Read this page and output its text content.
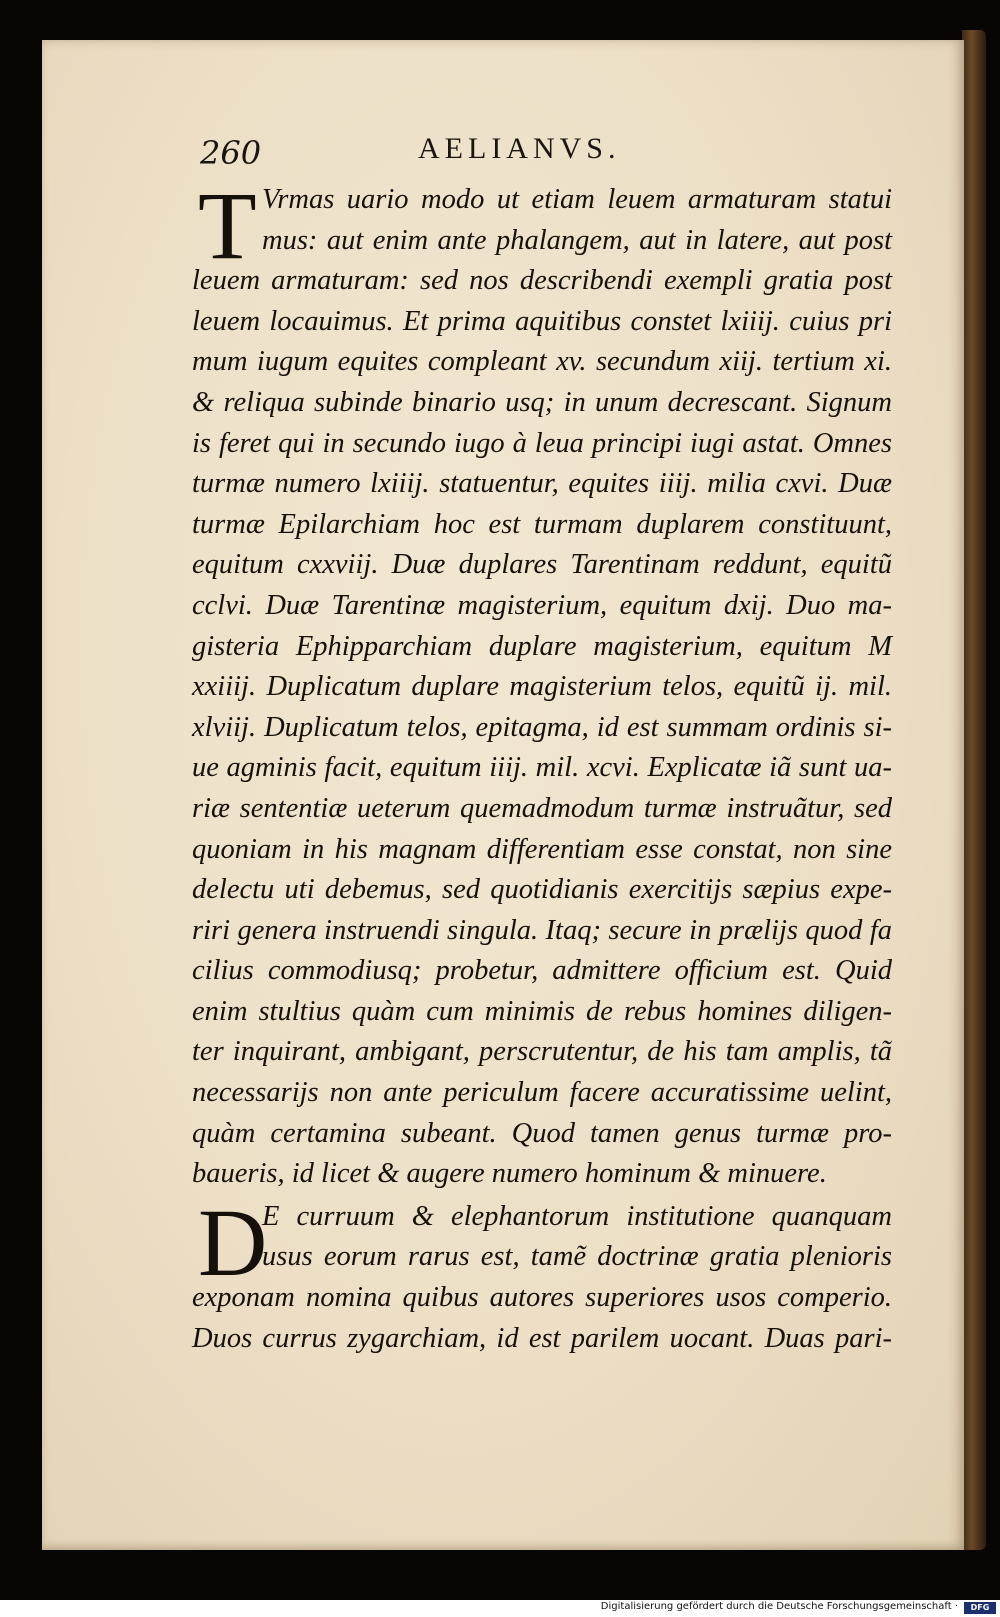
260	AELIANVS.
T Vrmas uario modo ut etiam leuem armaturam statui
mus: aut enim ante phalangem, aut in latere, aut post
leuem armaturam: sed nos describendi exempli gratia post
leuem locauimus. Et prima aquitibus constet lxiiij. cuius pri
mum iugum equites compleant xv. secundum xiij. tertium xi.
& reliqua subinde binario usq; in unum decrescant. Signum
is feret qui in secundo iugo à leua principi iugi astat. Omnes
turmæ numero lxiiij. statuentur, equites iiij. milia cxvi. Duæ
turmæ Epilarchiam hoc est turmam duplarem constituunt,
equitum cxxviij. Duæ duplares Tarentinam reddunt, equitũ
cclvi. Duæ Tarentinæ magisterium, equitum dxij. Duo ma-
gisteria Ephipparchiam duplare magisterium, equitum M
xxiiij. Duplicatum duplare magisterium telos, equitũ ij. mil.
xlviij. Duplicatum telos, epitagma, id est summam ordinis si-
ue agminis facit, equitum iiij. mil. xcvi. Explicatæ iã sunt ua-
riæ sententiæ ueterum quemadmodum turmæ instruãtur, sed
quoniam in his magnam differentiam esse constat, non sine
delectu uti debemus, sed quotidianis exercitijs sæpius expe-
riri genera instruendi singula. Itaq; secure in prælijs quod fa
cilius commodiusq; probetur, admittere officium est. Quid
enim stultius quàm cum minimis de rebus homines diligen-
ter inquirant, ambigant, perscrutentur, de his tam amplis, tã
necessarijs non ante periculum facere accuratissime uelint,
quàm certamina subeant. Quod tamen genus turmæ pro-
baueris, id licet & augere numero hominum & minuere.
D
E curruum & elephantorum institutione quanquam
usus eorum rarus est, tamẽ doctrinæ gratia plenioris
exponam nomina quibus autores superiores usos comperio.
Duos currus zygarchiam, id est parilem uocant. Duas pari-
Digitalisierung gefördert durch die Deutsche Forschungsgemeinschaft ·	DFG
